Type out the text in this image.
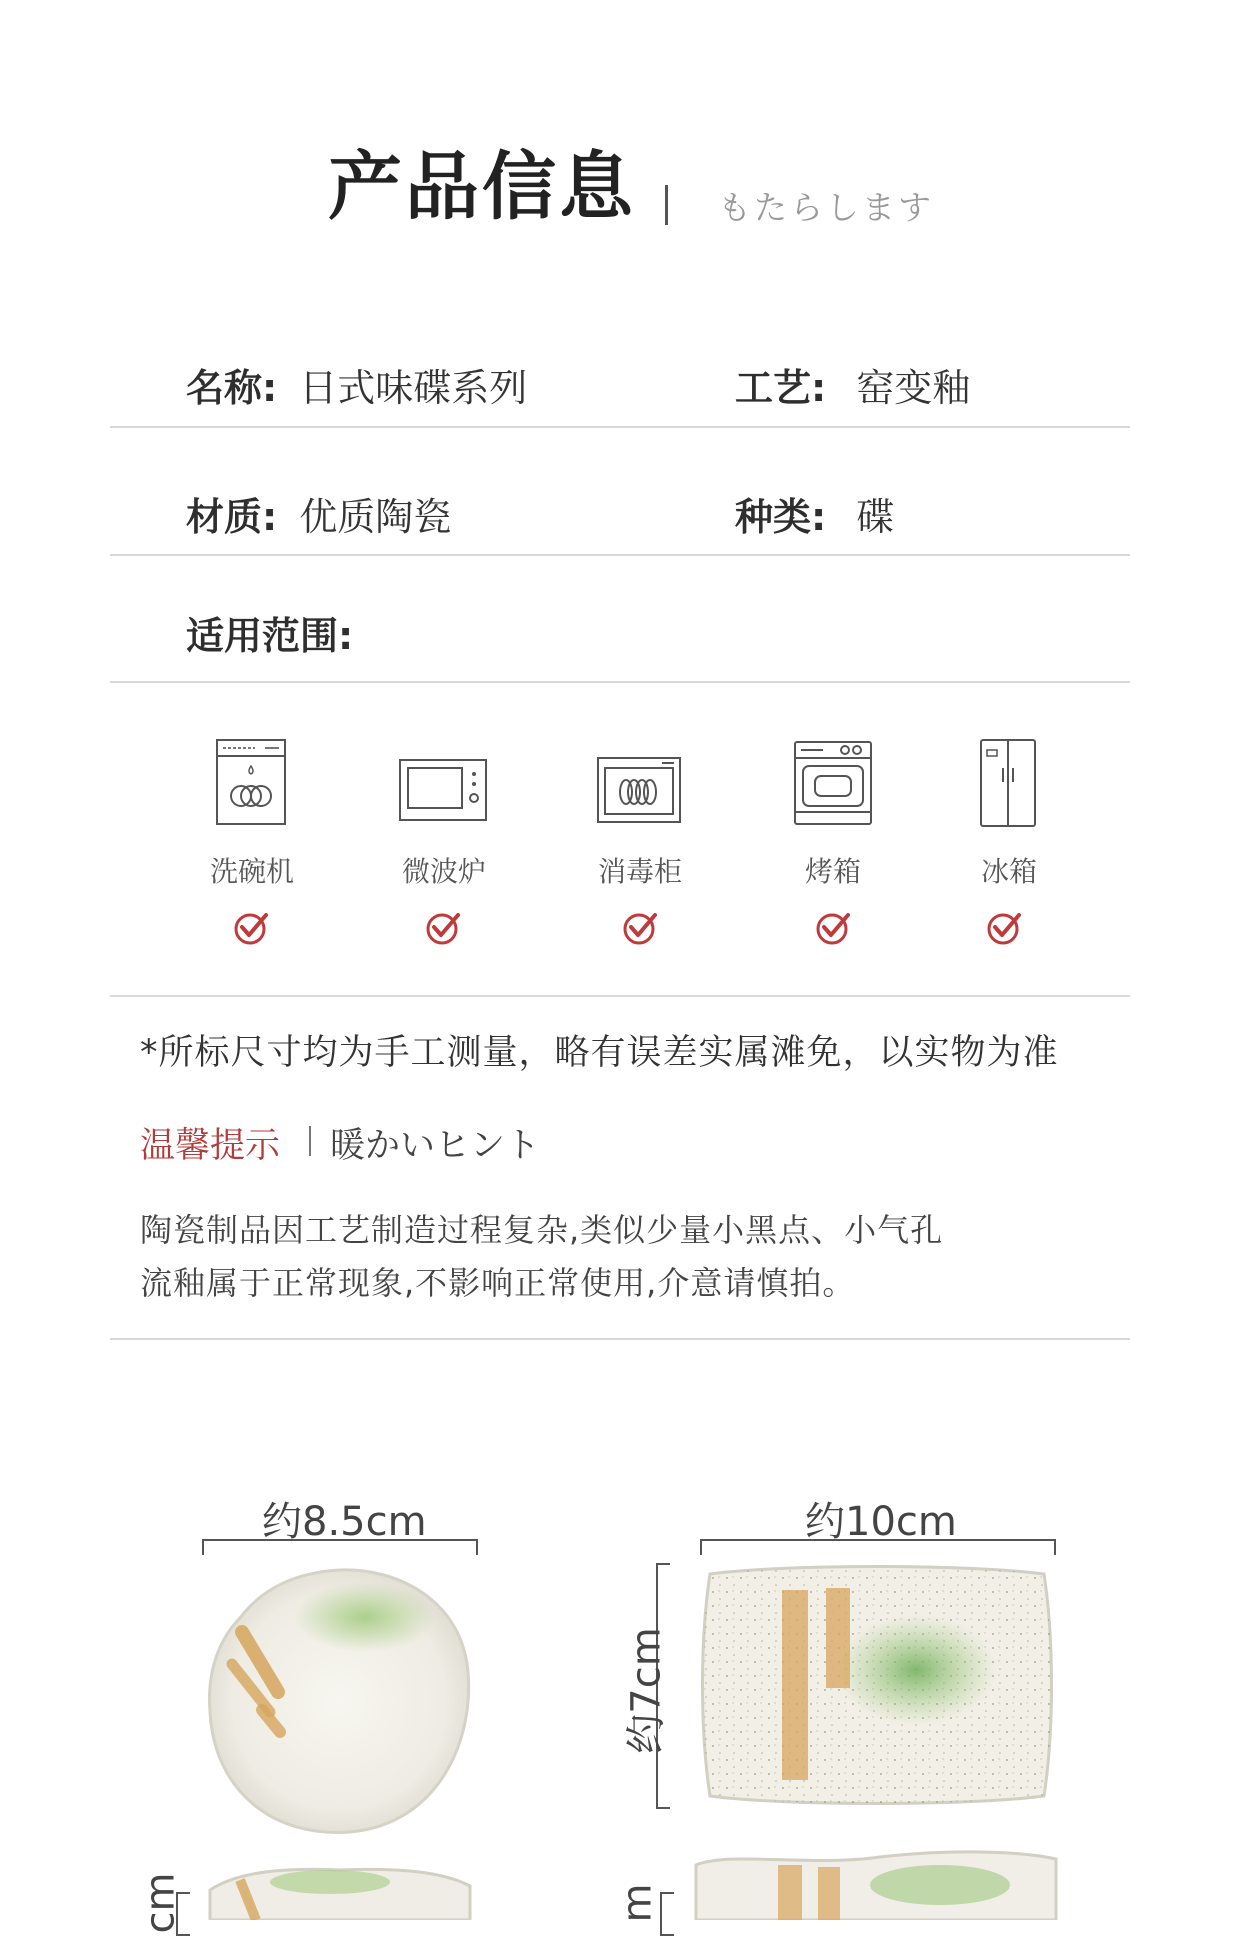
产品信息 もたらします
名称: 日式味碟系列	工艺: 窑变釉
材质: 优质陶瓷	种类: 碟
适用范围:
洗碗机	微波炉	消毒柜	烤箱	冰箱
*所标尺寸均为手工测量，略有误差实属滩免，以实物为准
温馨提示 暖かいヒント
陶瓷制品因工艺制造过程复杂,类似少量小黑点、小气孔
流釉属于正常现象,不影响正常使用,介意请慎拍。
约8.5cm
cm
约10cm
约7cm
m
